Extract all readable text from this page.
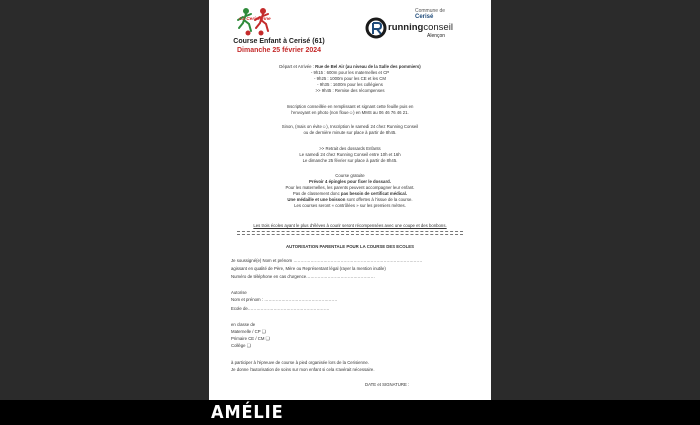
La Cerisienne
Course Enfant à Cerisé (61)
Dimanche 25 février 2024
Commune de
Cerisé
runningconseil
Alençon
Départ et Arrivée : Rue de Bel Air (au niveau de la Salle des pommiers)
- 9h15 : 600m pour les maternelles et CP
- 9h25 : 1000m pour les CE et les CM
- 9h35 : 1600m pour les collégiens
>> 9h45 : Remise des récompenses
Inscription conseillée en remplissant et signant cette feuille puis en
l'envoyant en photo (non floue☺) en MMS au 06 46 76 46 21.
Sinon, (mais on évite☺), Inscription le samedi 24 chez Running Conseil
ou de dernière minute sur place à partir de 8h45.
>> Retrait des dossards Enfants
Le samedi 24 chez Running Conseil entre 10h et 16h
Le dimanche 25 février sur place à partir de 8h45.
Course gratuite
Prévoir 4 épingles pour fixer le dossard.
Pour les maternelles, les parents peuvent accompagner leur enfant.
Pas de classement donc pas besoin de certificat médical.
Une médaille et une boisson sont offertes à l'issue de la course.
Les courses seront « contrôlées » sur les premiers mètres.
Les trois écoles ayant le plus d'élèves à courir seront récompensées avec une coupe et des bonbons.
AUTORISATION PARENTALE POUR LA COURSE DES ECOLES
Je soussigné(e) Nom et prénom ………………………………………………………………………………
agissant en qualité de Père, Mère ou Représentant légal (rayer la mention inutile)
Numéro de téléphone en cas d'urgence…………………………………………
Autorise
Nom et prénom : ……………………………………………
Ecole de…………………………………………………
en classe de
Maternelle / CP ❑
Primaire CE / CM ❑
Collège ❑
à participer à l'épreuve de course à pied organisée lors de la Cerisienne.
Je donne l'autorisation de soins sur mon enfant si cela s'avérait nécessaire.
DATE et SIGNATURE :
AMÉLIE
